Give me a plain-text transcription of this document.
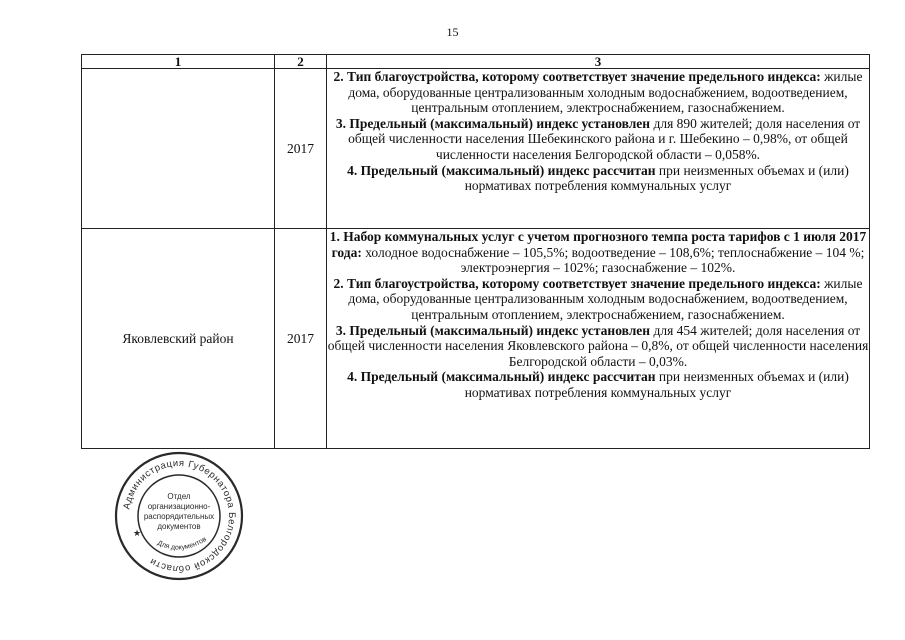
15
1	2	3
	2017	2. Тип благоустройства, которому соответствует значение предельного индекса: жилые дома, оборудованные централизованным холодным водоснабжением, водоотведением, центральным отоплением, электроснабжением, газоснабжением.
3. Предельный (максимальный) индекс установлен для 890 жителей; доля населения от общей численности населения Шебекинского района и г. Шебекино – 0,98%, от общей численности населения Белгородской области – 0,058%.
4. Предельный (максимальный) индекс рассчитан при неизменных объемах и (или) нормативах потребления коммунальных услуг

Яковлевский район	2017	1. Набор коммунальных услуг с учетом прогнозного темпа роста тарифов с 1 июля 2017 года: холодное водоснабжение – 105,5%; водоотведение – 108,6%; теплоснабжение – 104 %; электроэнергия – 102%; газоснабжение – 102%.
2. Тип благоустройства, которому соответствует значение предельного индекса: жилые дома, оборудованные централизованным холодным водоснабжением, водоотведением, центральным отоплением, электроснабжением, газоснабжением.
3. Предельный (максимальный) индекс установлен для 454 жителей; доля населения от общей численности населения Яковлевского района – 0,8%, от общей численности населения Белгородской области – 0,03%.
4. Предельный (максимальный) индекс рассчитан при неизменных объемах и (или) нормативах потребления коммунальных услуг
Администрация Губернатора Белгородской области
Отдел
организационно-
распорядительных
документов
Для документов
★
